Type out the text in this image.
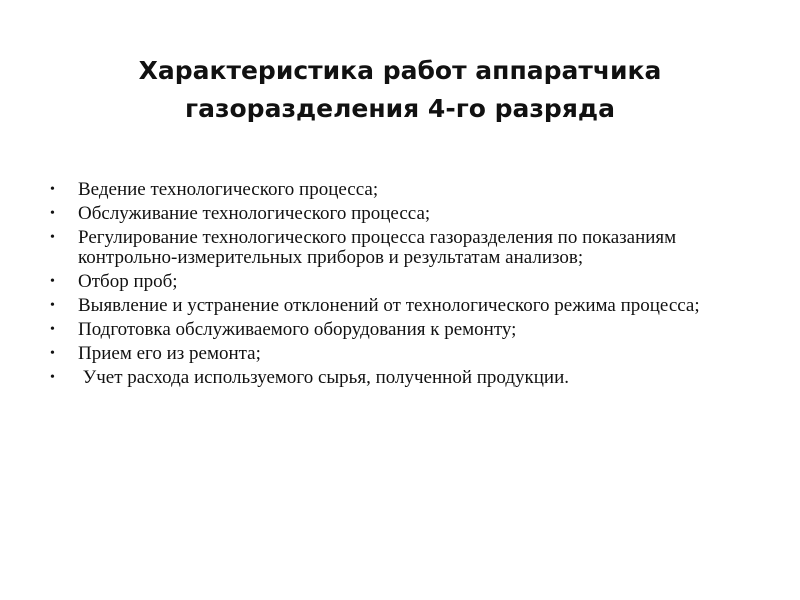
Характеристика работ аппаратчика
газоразделения 4-го разряда
• Ведение технологического процесса;
• Обслуживание технологического процесса;
• Регулирование технологического процесса газоразделения по показаниям контрольно-измерительных приборов и результатам анализов;
• Отбор проб;
• Выявление и устранение отклонений от технологического режима процесса;
• Подготовка обслуживаемого оборудования к ремонту;
• Прием его из ремонта;
• Учет расхода используемого сырья, полученной продукции.
